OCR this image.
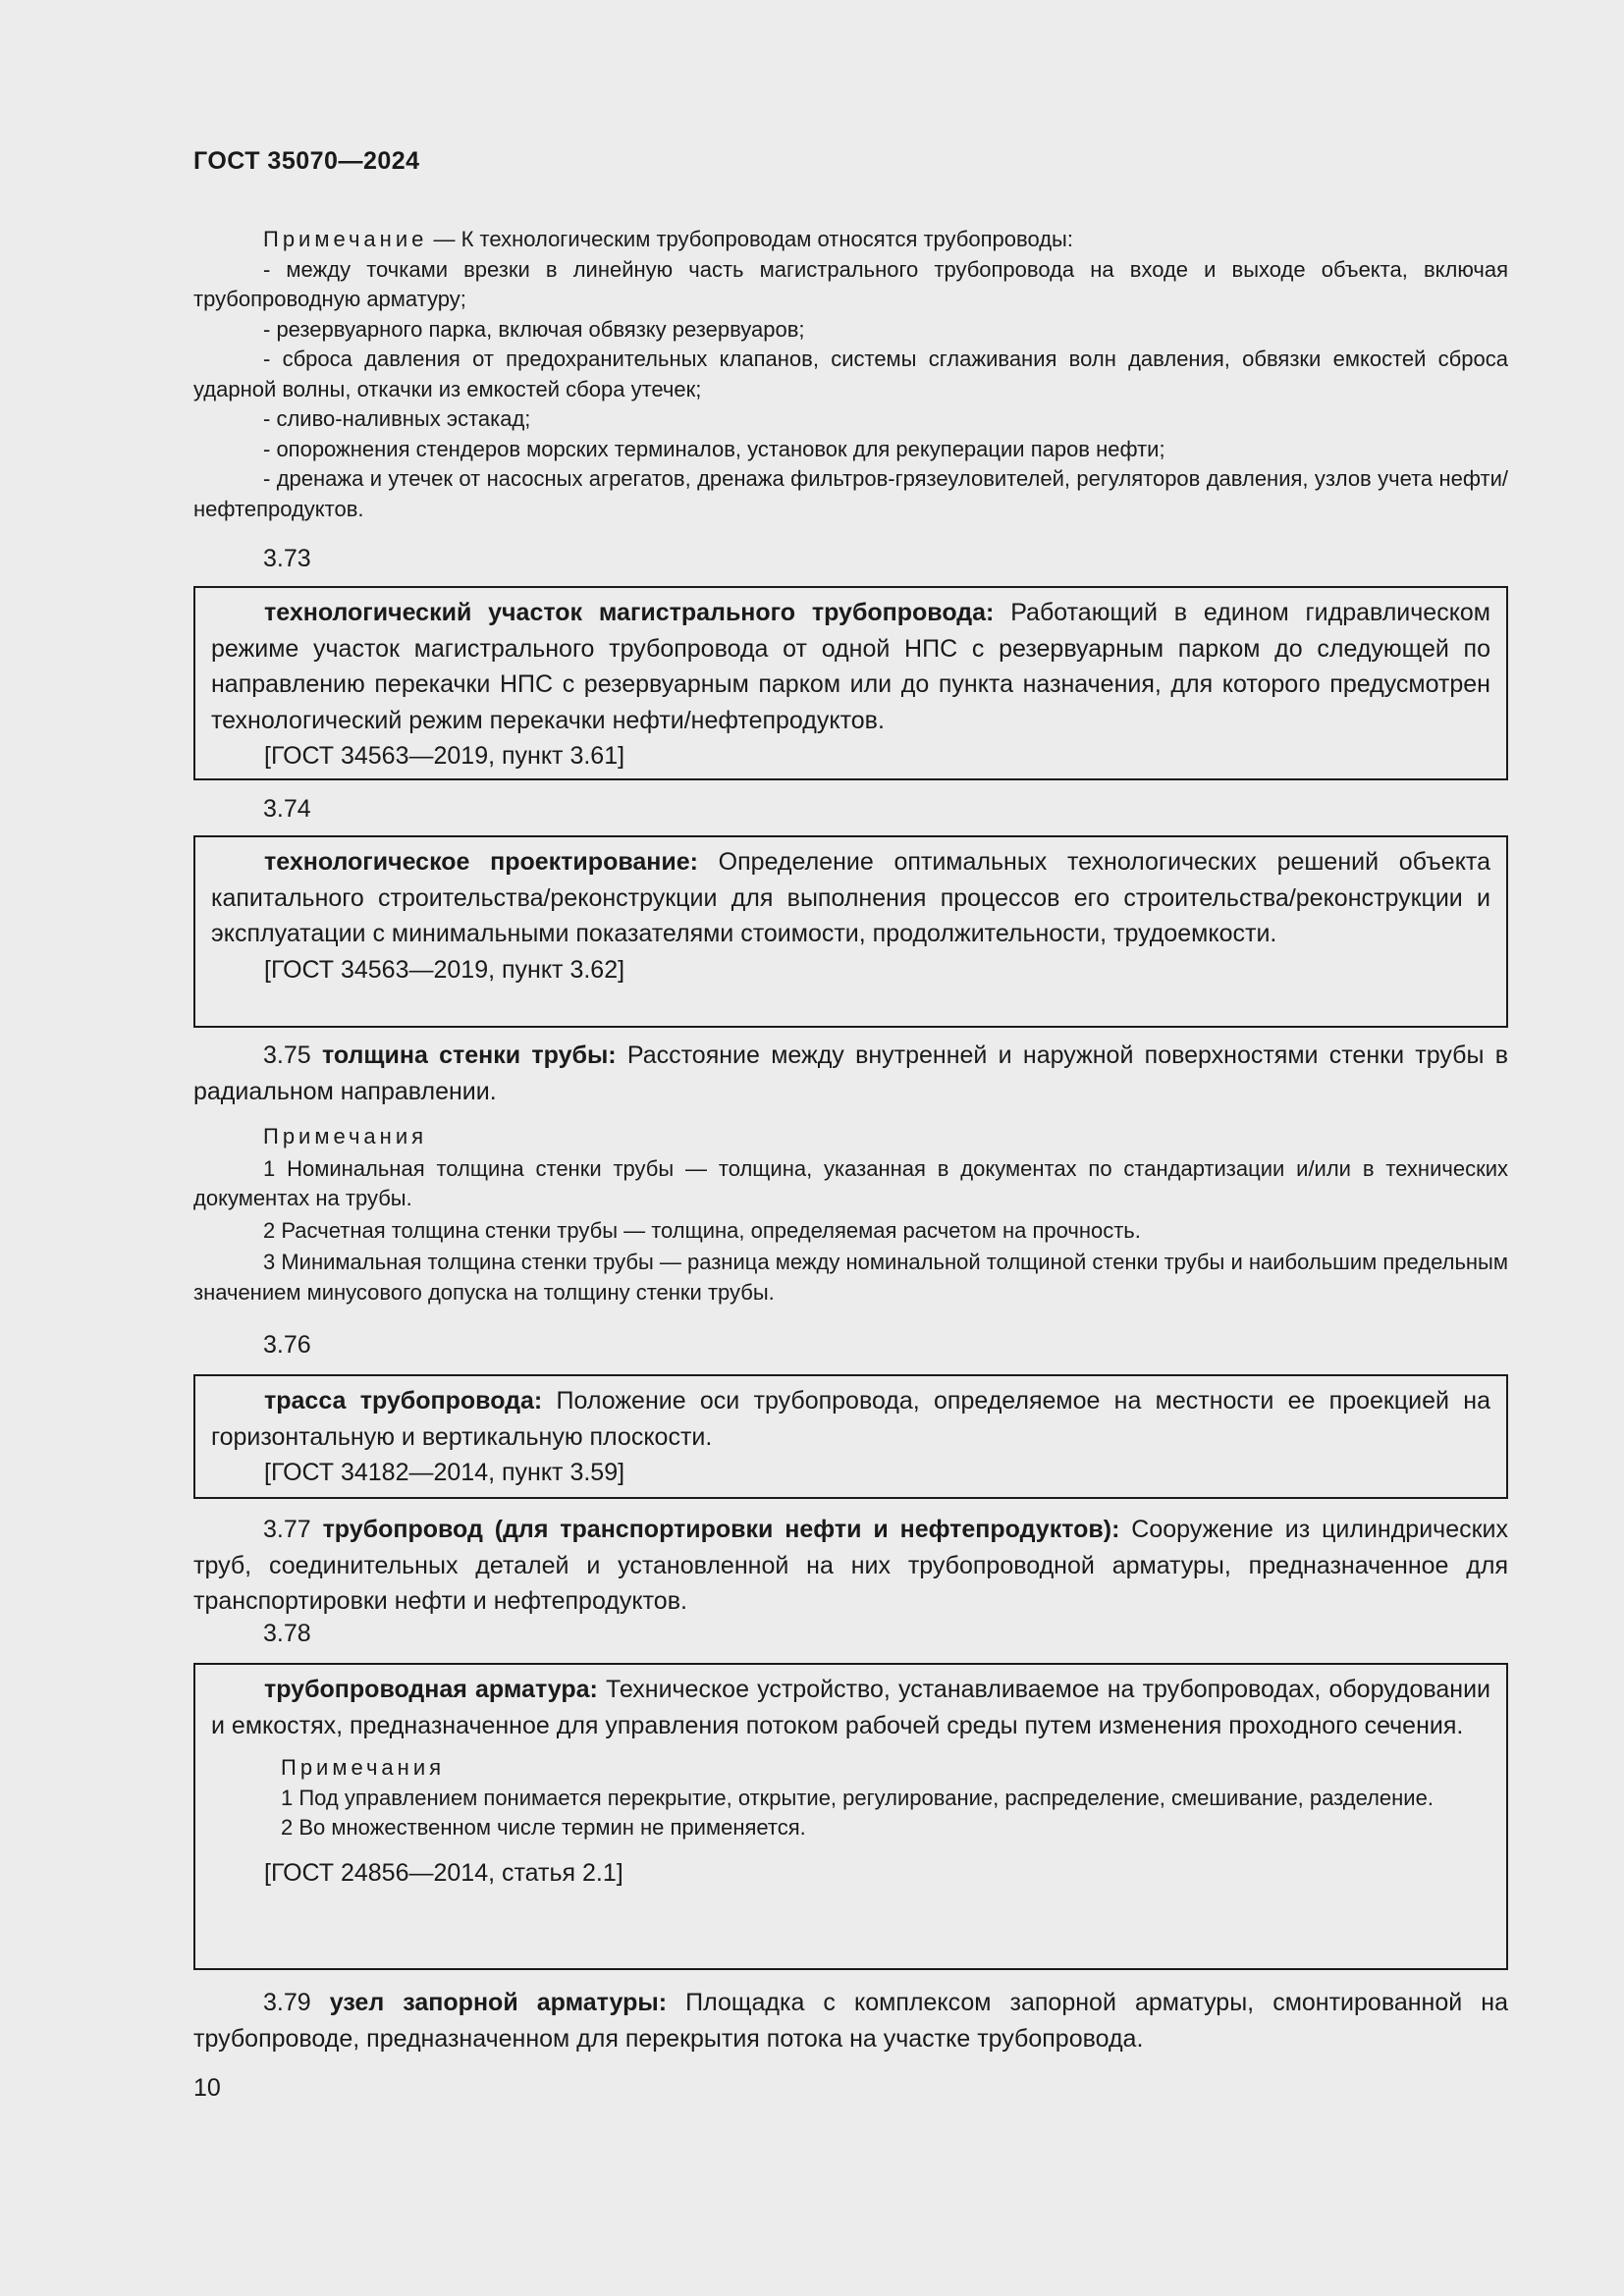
ГОСТ 35070—2024

Примечание — К технологическим трубопроводам относятся трубопроводы:

- между точками врезки в линейную часть магистрального трубопровода на входе и выходе объекта, включая трубопроводную арматуру;

- резервуарного парка, включая обвязку резервуаров;

- сброса давления от предохранительных клапанов, системы сглаживания волн давления, обвязки емкостей сброса ударной волны, откачки из емкостей сбора утечек;

- сливо-наливных эстакад;

- опорожнения стендеров морских терминалов, установок для рекуперации паров нефти;

- дренажа и утечек от насосных агрегатов, дренажа фильтров-грязеуловителей, регуляторов давления, узлов учета нефти/нефтепродуктов.

3.73

технологический участок магистрального трубопровода: Работающий в едином гидравлическом режиме участок магистрального трубопровода от одной НПС с резервуарным парком до следующей по направлению перекачки НПС с резервуарным парком или до пункта назначения, для которого предусмотрен технологический режим перекачки нефти/нефтепродуктов.

[ГОСТ 34563—2019, пункт 3.61]

3.74

технологическое проектирование: Определение оптимальных технологических решений объекта капитального строительства/реконструкции для выполнения процессов его строительства/реконструкции и эксплуатации с минимальными показателями стоимости, продолжительности, трудоемкости.

[ГОСТ 34563—2019, пункт 3.62]

3.75 толщина стенки трубы: Расстояние между внутренней и наружной поверхностями стенки трубы в радиальном направлении.

Примечания

1 Номинальная толщина стенки трубы — толщина, указанная в документах по стандартизации и/или в технических документах на трубы.

2 Расчетная толщина стенки трубы — толщина, определяемая расчетом на прочность.

3 Минимальная толщина стенки трубы — разница между номинальной толщиной стенки трубы и наибольшим предельным значением минусового допуска на толщину стенки трубы.

3.76

трасса трубопровода: Положение оси трубопровода, определяемое на местности ее проекцией на горизонтальную и вертикальную плоскости.

[ГОСТ 34182—2014, пункт 3.59]

3.77 трубопровод (для транспортировки нефти и нефтепродуктов): Сооружение из цилиндрических труб, соединительных деталей и установленной на них трубопроводной арматуры, предназначенное для транспортировки нефти и нефтепродуктов.

3.78

трубопроводная арматура: Техническое устройство, устанавливаемое на трубопроводах, оборудовании и емкостях, предназначенное для управления потоком рабочей среды путем изменения проходного сечения.

Примечания

1 Под управлением понимается перекрытие, открытие, регулирование, распределение, смешивание, разделение.

2 Во множественном числе термин не применяется.

[ГОСТ 24856—2014, статья 2.1]

3.79 узел запорной арматуры: Площадка с комплексом запорной арматуры, смонтированной на трубопроводе, предназначенном для перекрытия потока на участке трубопровода.

10
